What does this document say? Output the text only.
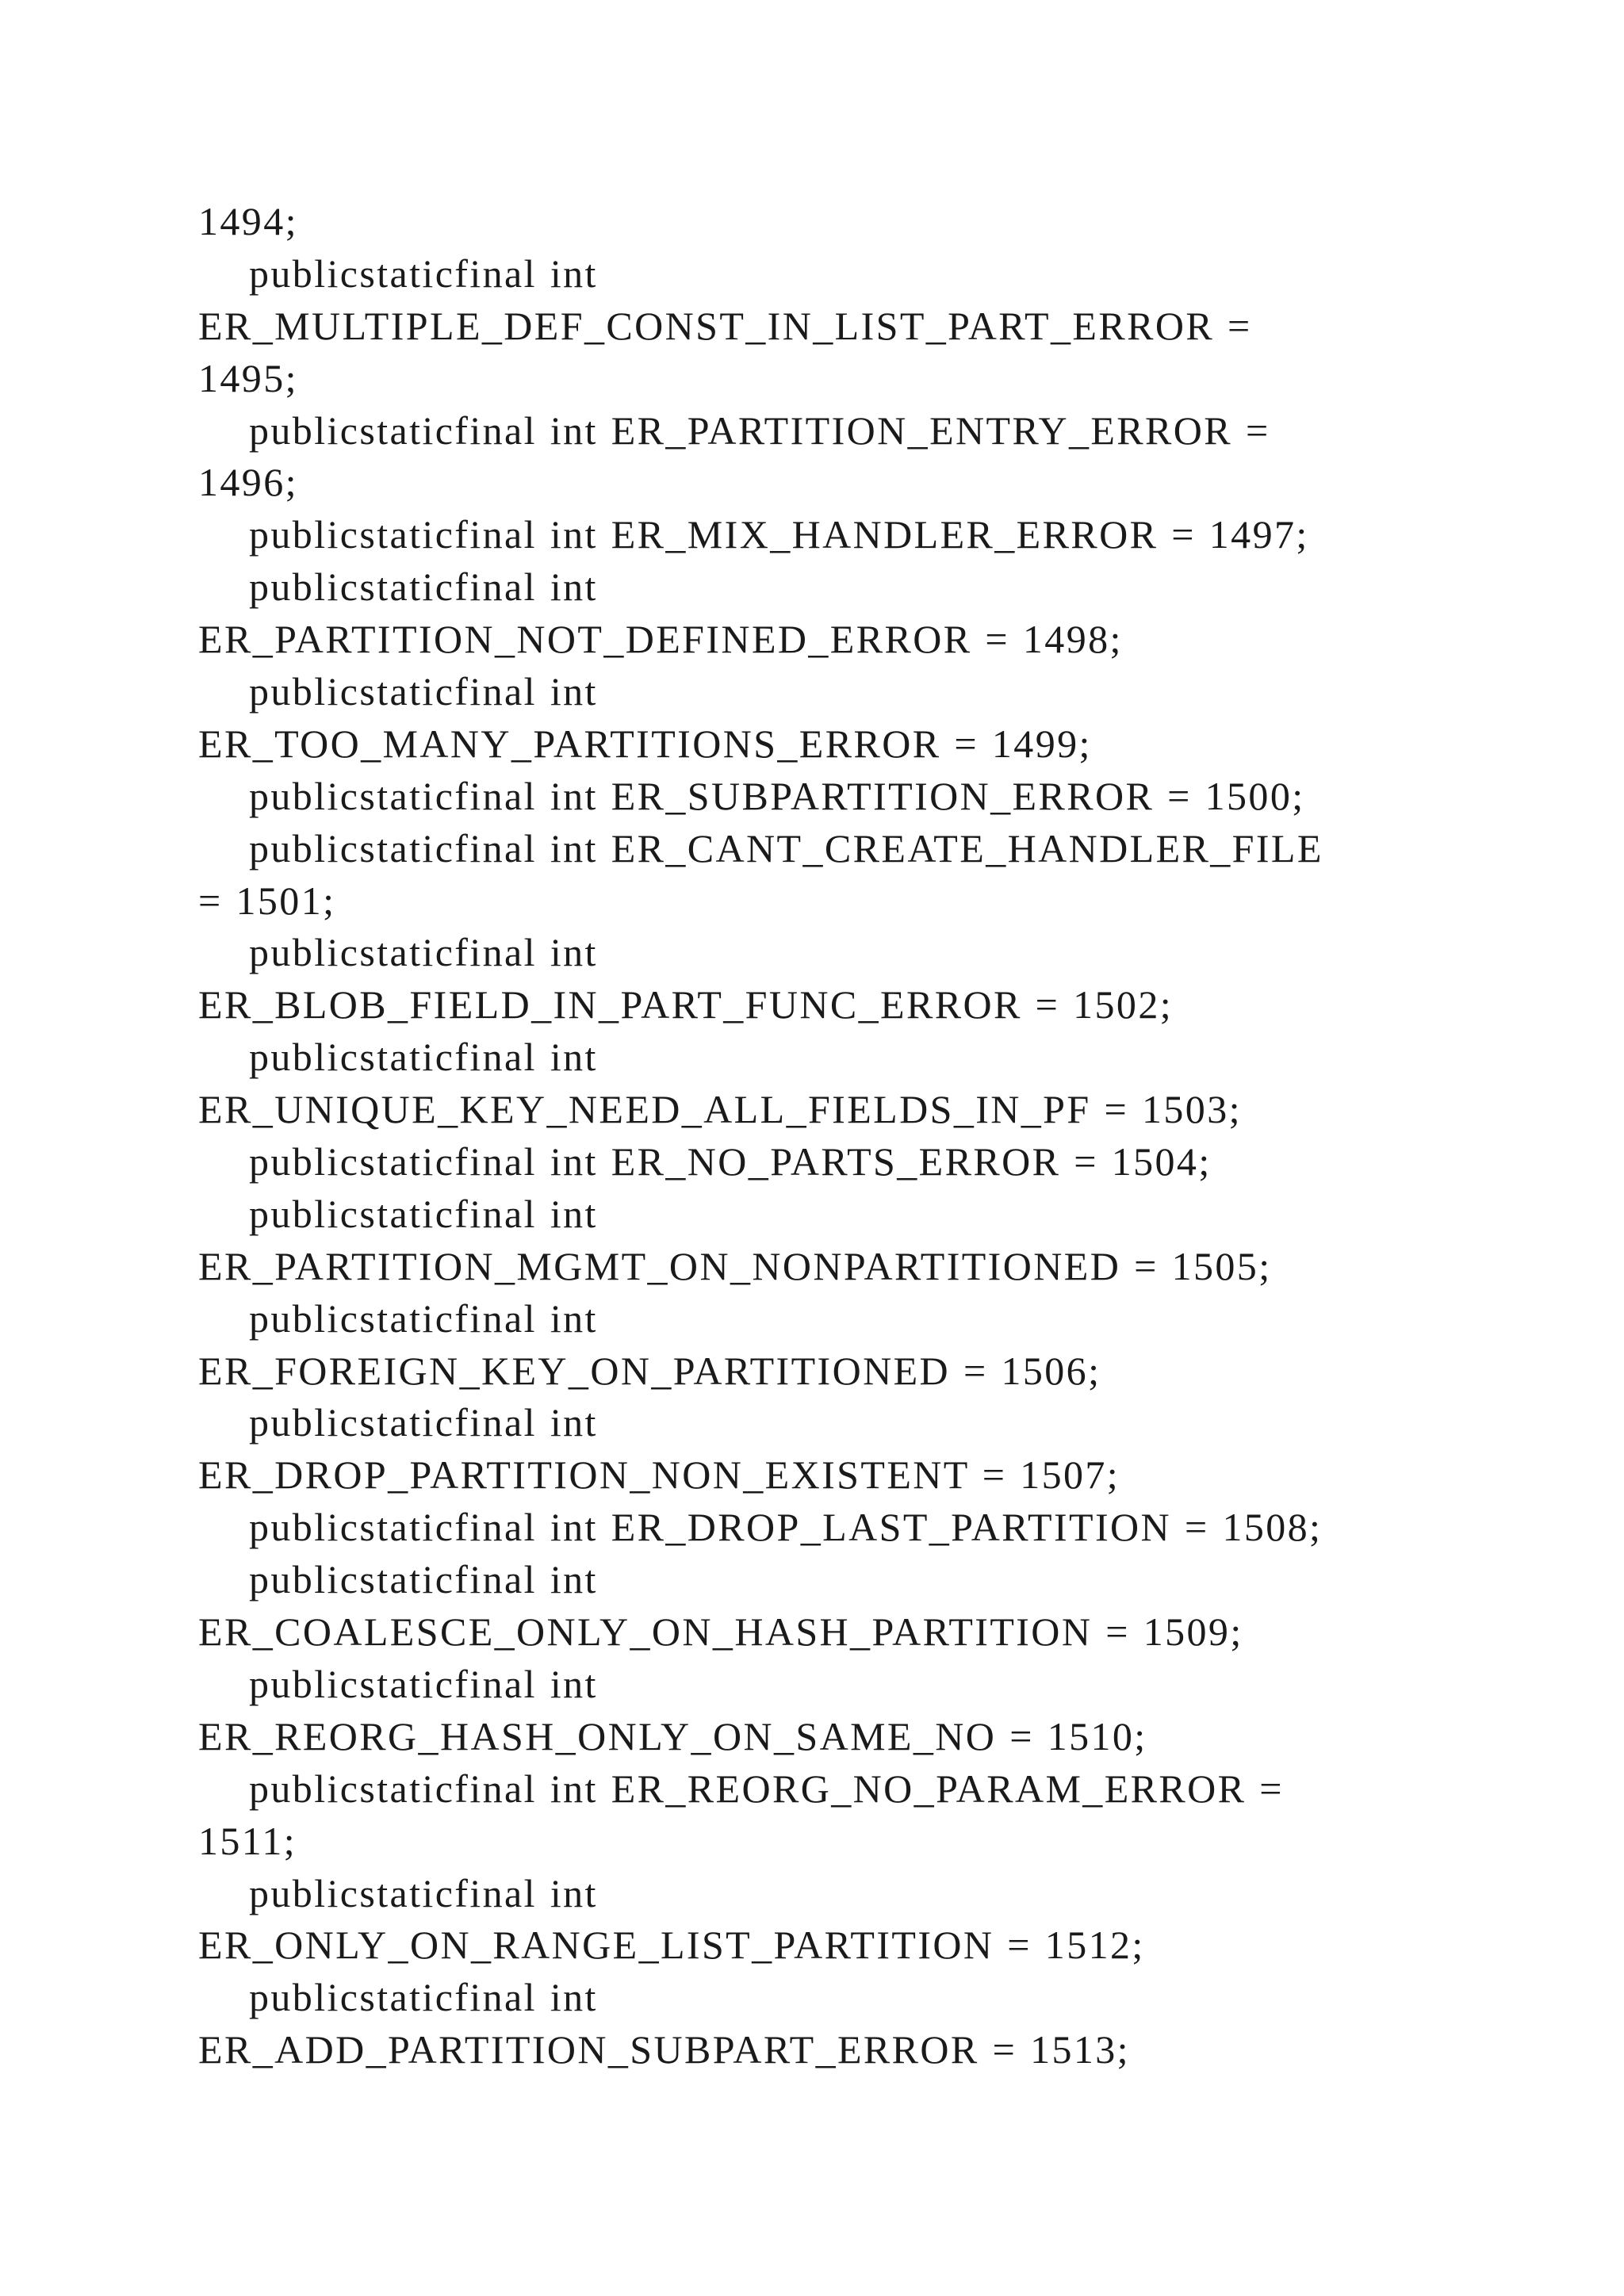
1494;
publicstaticfinal int
ER_MULTIPLE_DEF_CONST_IN_LIST_PART_ERROR =
1495;
publicstaticfinal int ER_PARTITION_ENTRY_ERROR =
1496;
publicstaticfinal int ER_MIX_HANDLER_ERROR = 1497;
publicstaticfinal int
ER_PARTITION_NOT_DEFINED_ERROR = 1498;
publicstaticfinal int
ER_TOO_MANY_PARTITIONS_ERROR = 1499;
publicstaticfinal int ER_SUBPARTITION_ERROR = 1500;
publicstaticfinal int ER_CANT_CREATE_HANDLER_FILE
= 1501;
publicstaticfinal int
ER_BLOB_FIELD_IN_PART_FUNC_ERROR = 1502;
publicstaticfinal int
ER_UNIQUE_KEY_NEED_ALL_FIELDS_IN_PF = 1503;
publicstaticfinal int ER_NO_PARTS_ERROR = 1504;
publicstaticfinal int
ER_PARTITION_MGMT_ON_NONPARTITIONED = 1505;
publicstaticfinal int
ER_FOREIGN_KEY_ON_PARTITIONED = 1506;
publicstaticfinal int
ER_DROP_PARTITION_NON_EXISTENT = 1507;
publicstaticfinal int ER_DROP_LAST_PARTITION = 1508;
publicstaticfinal int
ER_COALESCE_ONLY_ON_HASH_PARTITION = 1509;
publicstaticfinal int
ER_REORG_HASH_ONLY_ON_SAME_NO = 1510;
publicstaticfinal int ER_REORG_NO_PARAM_ERROR =
1511;
publicstaticfinal int
ER_ONLY_ON_RANGE_LIST_PARTITION = 1512;
publicstaticfinal int
ER_ADD_PARTITION_SUBPART_ERROR = 1513;
